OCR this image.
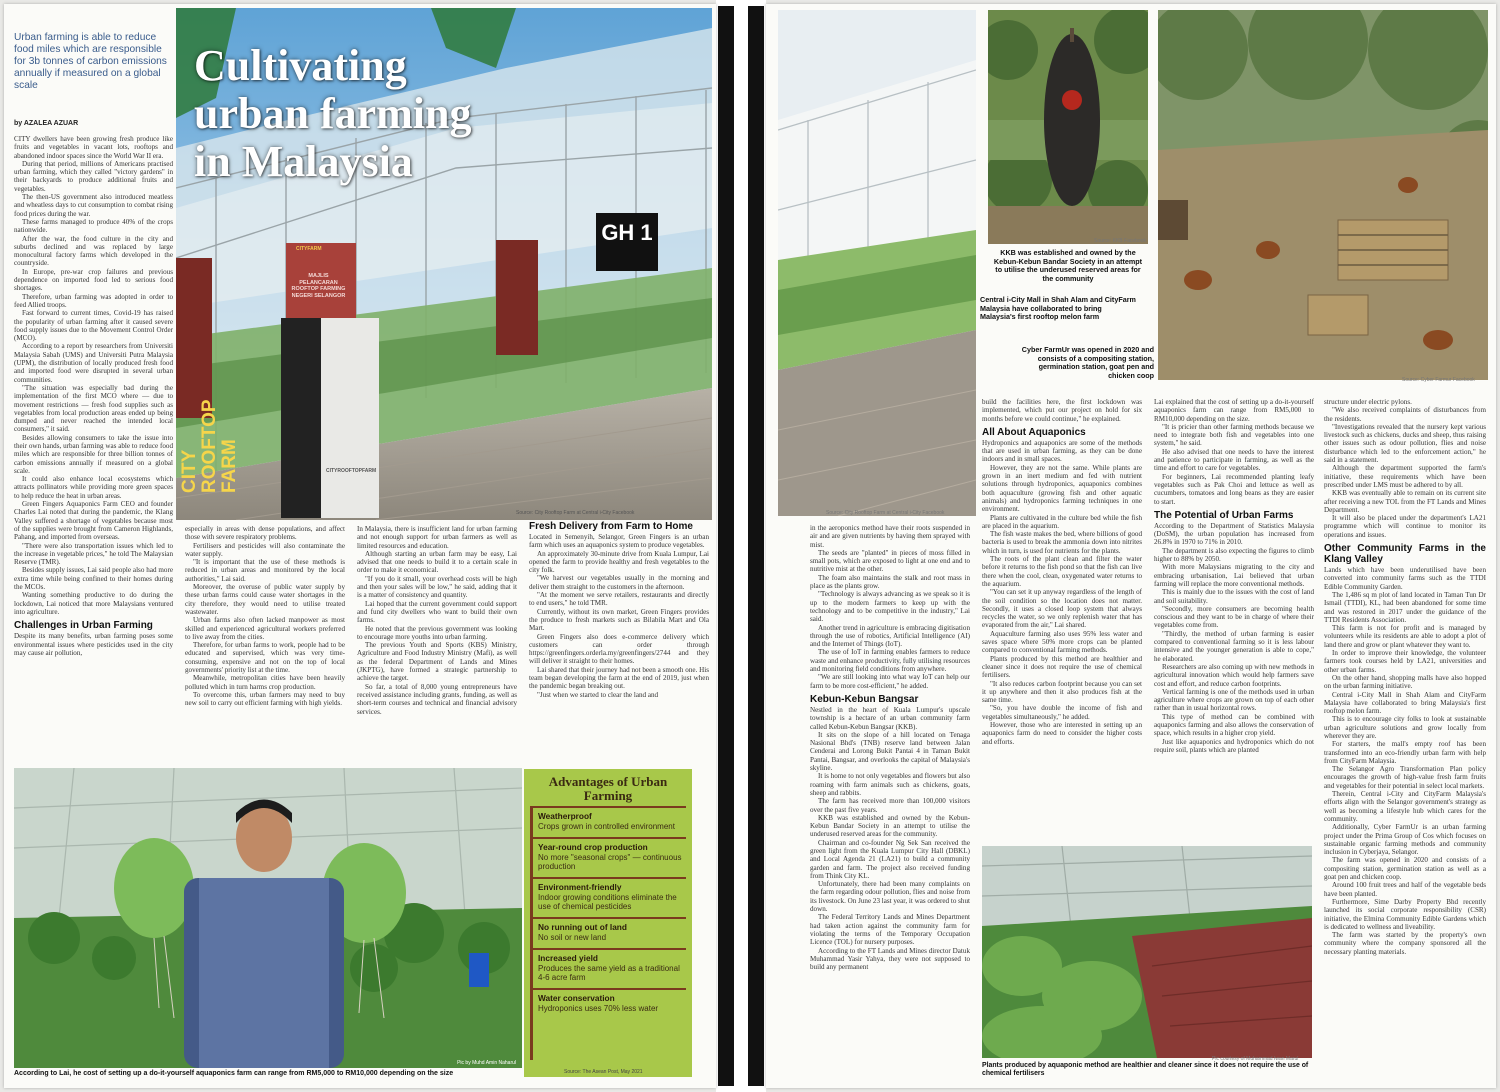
GH 1
MAJLIS PELANCARAN ROOFTOP FARMING NEGERI SELANGOR
CITYFARM
CITY ROOFTOP FARM	CITYROOFTOPFARM
Source: City Rooftop Farm at Central i-City Facebook
Urban farming is able to reduce food miles which are responsible for 3b tonnes of carbon emissions annually if measured on a global scale	Cultivating
urban farming
in Malaysia
by AZALEA AZUAR

CITY dwellers have been growing fresh produce like fruits and vegetables in vacant lots, rooftops and abandoned indoor spaces since the World War II era.

During that period, millions of Americans practised urban farming, which they called "victory gardens" in their backyards to produce additional fruits and vegetables.

The then-US government also introduced meatless and wheatless days to cut consumption to combat rising food prices during the war.

These farms managed to produce 40% of the crops nationwide.

After the war, the food culture in the city and suburbs declined and was replaced by large monocultural factory farms which developed in the countryside.

In Europe, pre-war crop failures and previous dependence on imported food led to serious food shortages.

Therefore, urban farming was adopted in order to feed Allied troops.

Fast forward to current times, Covid-19 has raised the popularity of urban farming after it caused severe food supply issues due to the Movement Control Order (MCO).

According to a report by researchers from Universiti Malaysia Sabah (UMS) and Universiti Putra Malaysia (UPM), the distribution of locally produced fresh food and imported food were disrupted in several urban communities.

"The situation was especially bad during the implementation of the first MCO where — due to movement restrictions — fresh food supplies such as vegetables from local production areas ended up being dumped and never reached the intended local consumers," it said.

Besides allowing consumers to take the issue into their own hands, urban farming was able to reduce food miles which are responsible for three billion tonnes of carbon emissions annually if measured on a global scale.

It could also enhance local ecosystems which attracts pollinators while providing more green spaces to help reduce the heat in urban areas.

Green Fingers Aquaponics Farm CEO and founder Charles Lai noted that during the pandemic, the Klang Valley suffered a shortage of vegetables because most of the supplies were brought from Cameron Highlands, Pahang, and imported from overseas.

"There were also transportation issues which led to the increase in vegetable prices," he told The Malaysian Reserve (TMR).

Besides supply issues, Lai said people also had more extra time while being confined to their homes during the MCOs.

Wanting something productive to do during the lockdown, Lai noticed that more Malaysians ventured into agriculture.

Challenges in Urban Farming

Despite its many benefits, urban farming poses some environmental issues where pesticides used in the city may cause air pollution,

especially in areas with dense populations, and affect those with severe respiratory problems.

Fertilisers and pesticides will also contaminate the water supply.

"It is important that the use of these methods is reduced in urban areas and monitored by the local authorities," Lai said.

Moreover, the overuse of public water supply by these urban farms could cause water shortages in the city therefore, they would need to utilise treated wastewater.

Urban farms also often lacked manpower as most skilled and experienced agricultural workers preferred to live away from the cities.

Therefore, for urban farms to work, people had to be educated and supervised, which was very time-consuming, expensive and not on the top of local governments' priority list at the time.

Meanwhile, metropolitan cities have been heavily polluted which in turn harms crop production.

To overcome this, urban farmers may need to buy new soil to carry out efficient farming with high yields.

In Malaysia, there is insufficient land for urban farming and not enough support for urban farmers as well as limited resources and education.

Although starting an urban farm may be easy, Lai advised that one needs to build it to a certain scale in order to make it economical.

"If you do it small, your overhead costs will be high and then your sales will be low," he said, adding that it is a matter of consistency and quantity.

Lai hoped that the current government could support and fund city dwellers who want to build their own farms.

He noted that the previous government was looking to encourage more youths into urban farming.

The previous Youth and Sports (KBS) Ministry, Agriculture and Food Industry Ministry (Mafi), as well as the federal Department of Lands and Mines (JKPTG), have formed a strategic partnership to achieve the target.

So far, a total of 8,000 young entrepreneurs have received assistance including grants, funding, as well as short-term courses and technical and financial advisory services.

Fresh Delivery from Farm to Home

Located in Semenyih, Selangor, Green Fingers is an urban farm which uses an aquaponics system to produce vegetables.

An approximately 30-minute drive from Kuala Lumpur, Lai opened the farm to provide healthy and fresh vegetables to the city folk.

"We harvest our vegetables usually in the morning and deliver them straight to the customers in the afternoon.

"At the moment we serve retailers, restaurants and directly to end users," he told TMR.

Currently, without its own market, Green Fingers provides the produce to fresh markets such as Bilabila Mart and Ola Mart.

Green Fingers also does e-commerce delivery which customers can order through https://greenfingers.orderla.my/greenfingers/2744 and they will deliver it straight to their homes.

Lai shared that their journey had not been a smooth one. His team began developing the farm at the end of 2019, just when the pandemic began breaking out.

"Just when we started to clear the land and

Pic by Muhd Amin Naharul
According to Lai, he cost of setting up a do-it-yourself aquaponics farm can range from RM5,000 to RM10,000 depending on the size
Advantages of Urban Farming
Weatherproof
Crops grown in controlled environment
Year-round crop production
No more "seasonal crops" — continuous production
Environment-friendly
Indoor growing conditions eliminate the use of chemical pesticides
No running out of land
No soil or new land
Increased yield
Produces the same yield as a traditional 4-6 acre farm
Water conservation
Hydroponics uses 70% less water
Source: The Asean Post, May 2021
Source: City Rooftop Farm at Central i-City Facebook
Source: KKB Facebook
KKB was established and owned by the Kebun-Kebun Bandar Society in an attempt to utilise the underused reserved areas for the community
Central i-City Mall in Shah Alam and CityFarm Malaysia have collaborated to bring Malaysia's first rooftop melon farm
Cyber FarmUr was opened in 2020 and consists of a compositing station, germination station, goat pen and chicken coop
Source: Cyber Farmur Facebook

in the aeroponics method have their roots suspended in air and are given nutrients by having them sprayed with mist.

The seeds are "planted" in pieces of moss filled in small pots, which are exposed to light at one end and to nutritive mist at the other.

The foam also maintains the stalk and root mass in place as the plants grow.

"Technology is always advancing as we speak so it is up to the modern farmers to keep up with the technology and to be competitive in the industry," Lai said.

Another trend in agriculture is embracing digitisation through the use of robotics, Artificial Intelligence (AI) and the Internet of Things (IoT).

The use of IoT in farming enables farmers to reduce waste and enhance productivity, fully utilising resources and monitoring field conditions from anywhere.

"We are still looking into what way IoT can help our farm to be more cost-efficient," he added.

Kebun-Kebun Bangsar

Nestled in the heart of Kuala Lumpur's upscale township is a hectare of an urban community farm called Kebun-Kebun Bangsar (KKB).

It sits on the slope of a hill located on Tenaga Nasional Bhd's (TNB) reserve land between Jalan Cenderai and Lorong Bukit Pantai 4 in Taman Bukit Pantai, Bangsar, and overlooks the capital of Malaysia's skyline.

It is home to not only vegetables and flowers but also roaming with farm animals such as chickens, goats, sheep and rabbits.

The farm has received more than 100,000 visitors over the past five years.

KKB was established and owned by the Kebun-Kebun Bandar Society in an attempt to utilise the underused reserved areas for the community.

Chairman and co-founder Ng Sek San received the green light from the Kuala Lumpur City Hall (DBKL) and Local Agenda 21 (LA21) to build a community garden and farm. The project also received funding from Think City KL.

Unfortunately, there had been many complaints on the farm regarding odour pollution, flies and noise from its livestock. On June 23 last year, it was ordered to shut down.

The Federal Territory Lands and Mines Department had taken action against the community farm for violating the terms of the Temporary Occupation Licence (TOL) for nursery purposes.

According to the FT Lands and Mines director Datuk Muhammad Yasir Yahya, they were not supposed to build any permanent

build the facilities here, the first lockdown was implemented, which put our project on hold for six months before we could continue," he explained.

All About Aquaponics

Hydroponics and aquaponics are some of the methods that are used in urban farming, as they can be done indoors and in small spaces.

However, they are not the same. While plants are grown in an inert medium and fed with nutrient solutions through hydroponics, aquaponics combines both aquaculture (growing fish and other aquatic animals) and hydroponics farming techniques in one environment.

Plants are cultivated in the culture bed while the fish are placed in the aquarium.

The fish waste makes the bed, where billions of good bacteria is used to break the ammonia down into nitrites which in turn, is used for nutrients for the plants.

The roots of the plant clean and filter the water before it returns to the fish pond so that the fish can live there when the cool, clean, oxygenated water returns to the aquarium.

"You can set it up anyway regardless of the length of the soil condition so the location does not matter. Secondly, it uses a closed loop system that always recycles the water, so we only replenish water that has evaporated from the air," Lai shared.

Aquaculture farming also uses 95% less water and saves space where 50% more crops can be planted compared to conventional farming methods.

Plants produced by this method are healthier and cleaner since it does not require the use of chemical fertilisers.

"It also reduces carbon footprint because you can set it up anywhere and then it also produces fish at the same time.

"So, you have double the income of fish and vegetables simultaneously," he added.

However, those who are interested in setting up an aquaponics farm do need to consider the higher costs and efforts.

Lai explained that the cost of setting up a do-it-yourself aquaponics farm can range from RM5,000 to RM10,000 depending on the size.

"It is pricier than other farming methods because we need to integrate both fish and vegetables into one system," he said.

He also advised that one needs to have the interest and patience to participate in farming, as well as the time and effort to care for vegetables.

For beginners, Lai recommended planting leafy vegetables such as Pak Choi and lettuce as well as cucumbers, tomatoes and long beans as they are easier to start.

The Potential of Urban Farms

According to the Department of Statistics Malaysia (DoSM), the urban population has increased from 26.8% in 1970 to 71% in 2010.

The department is also expecting the figures to climb higher to 88% by 2050.

With more Malaysians migrating to the city and embracing urbanisation, Lai believed that urban farming will replace the more conventional methods.

This is mainly due to the issues with the cost of land and soil suitability.

"Secondly, more consumers are becoming health conscious and they want to be in charge of where their vegetables come from.

"Thirdly, the method of urban farming is easier compared to conventional farming so it is less labour intensive and the younger generation is able to cope," he elaborated.

Researchers are also coming up with new methods in agricultural innovation which would help farmers save cost and effort, and reduce carbon footprints.

Vertical farming is one of the methods used in urban agriculture where crops are grown on top of each other rather than in usual horizontal rows.

This type of method can be combined with aquaponics farming and also allows the conservation of space, which results in a higher crop yield.

Just like aquaponics and hydroponics which do not require soil, plants which are planted

structure under electric pylons.

"We also received complaints of disturbances from the residents.

"Investigations revealed that the nursery kept various livestock such as chickens, ducks and sheep, thus raising other issues such as odour pollution, flies and noise disturbance which led to the enforcement action," he said in a statement.

Although the department supported the farm's initiative, these requirements which have been prescribed under LMS must be adhered to by all.

KKB was eventually able to remain on its current site after receiving a new TOL from the FT Lands and Mines Department.

It will also be placed under the department's LA21 programme which will continue to monitor its operations and issues.

Other Community Farms in the Klang Valley

Lands which have been underutilised have been converted into community farms such as the TTDI Edible Community Garden.

The 1,486 sq m plot of land located in Taman Tun Dr Ismail (TTDI), KL, had been abandoned for some time and was restored in 2017 under the guidance of the TTDI Residents Association.

This farm is not for profit and is managed by volunteers while its residents are able to adopt a plot of land there and grow or plant whatever they want to.

In order to improve their knowledge, the volunteer farmers took courses held by LA21, universities and other urban farms.

On the other hand, shopping malls have also hopped on the urban farming initiative.

Central i-City Mall in Shah Alam and CityFarm Malaysia have collaborated to bring Malaysia's first rooftop melon farm.

This is to encourage city folks to look at sustainable urban agriculture solutions and grow locally from wherever they are.

For starters, the mall's empty roof has been transformed into an eco-friendly urban farm with help from CityFarm Malaysia.

The Selangor Agro Transformation Plan policy encourages the growth of high-value fresh farm fruits and vegetables for their potential in select local markets.

Therein, Central i-City and CityFarm Malaysia's efforts align with the Selangor government's strategy as well as becoming a lifestyle hub which cares for the community.

Additionally, Cyber FarmUr is an urban farming project under the Prima Group of Cos which focuses on sustainable organic farming methods and community inclusion in Cyberjaya, Selangor.

The farm was opened in 2020 and consists of a compositing station, germination station as well as a goat pen and chicken coop.

Around 100 fruit trees and half of the vegetable beds have been planted.

Furthermore, Sime Darby Property Bhd recently launched its social corporate responsibility (CSR) initiative, the Elmina Community Edible Gardens which is dedicated to wellness and liveability.

The farm was started by the property's own community where the company sponsored all the necessary planting materials.

Pic courtesy of Muhammad Iwan Marul
Plants produced by aquaponic method are healthier and cleaner since it does not require the use of chemical fertilisers
